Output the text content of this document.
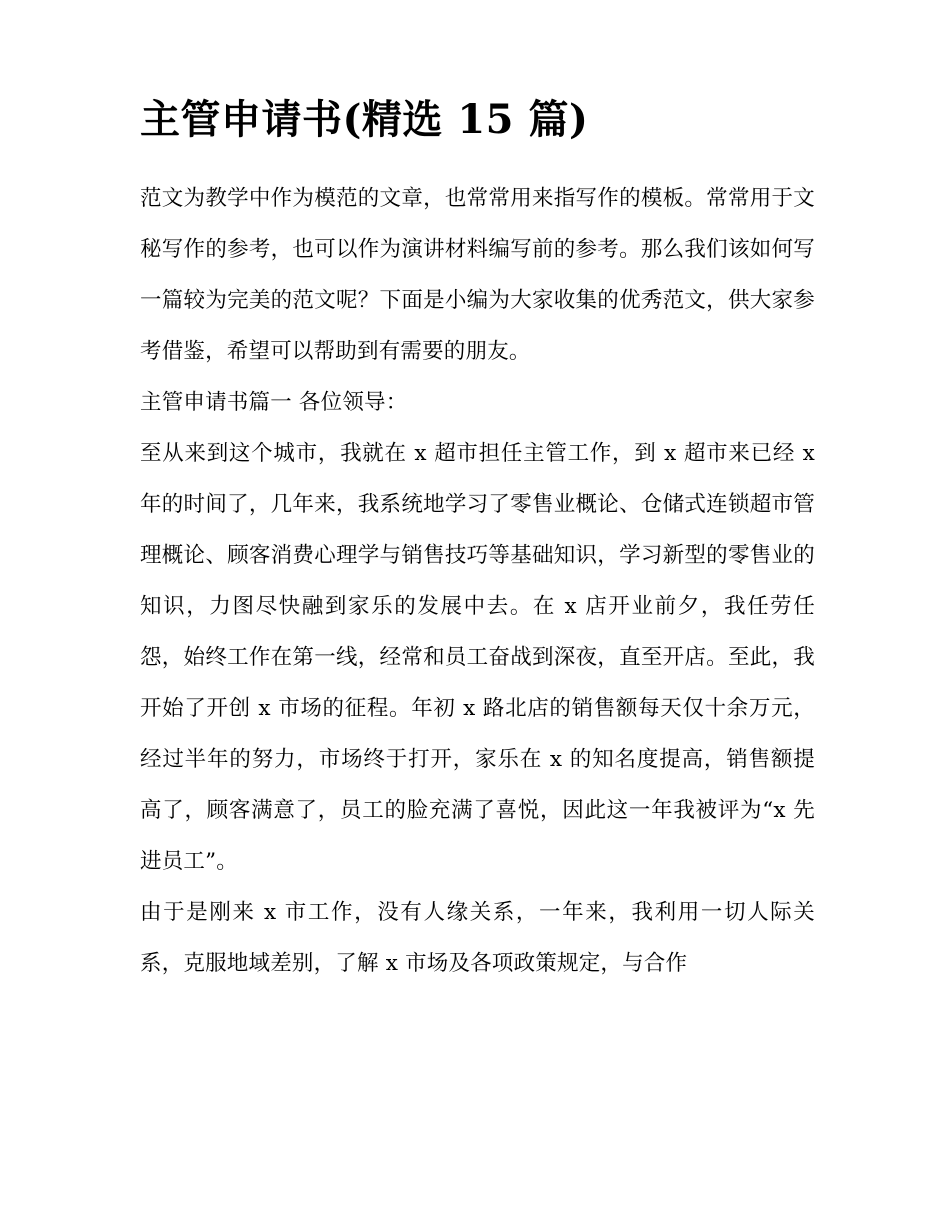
主管申请书(精选 15 篇)

范文为教学中作为模范的文章，也常常用来指写作的模板。常常用于文秘写作的参考，也可以作为演讲材料编写前的参考。那么我们该如何写一篇较为完美的范文呢？下面是小编为大家收集的优秀范文，供大家参考借鉴，希望可以帮助到有需要的朋友。

主管申请书篇一 各位领导：

至从来到这个城市，我就在 x 超市担任主管工作，到 x 超市来已经 x 年的时间了，几年来，我系统地学习了零售业概论、仓储式连锁超市管理概论、顾客消费心理学与销售技巧等基础知识，学习新型的零售业的知识，力图尽快融到家乐的发展中去。在 x 店开业前夕，我任劳任怨，始终工作在第一线，经常和员工奋战到深夜，直至开店。至此，我开始了开创 x 市场的征程。年初 x 路北店的销售额每天仅十余万元，经过半年的努力，市场终于打开，家乐在 x 的知名度提高，销售额提高了，顾客满意了，员工的脸充满了喜悦，因此这一年我被评为“x 先进员工”。

由于是刚来 x 市工作，没有人缘关系，一年来，我利用一切人际关系，克服地域差别，了解 x 市场及各项政策规定，与合作
